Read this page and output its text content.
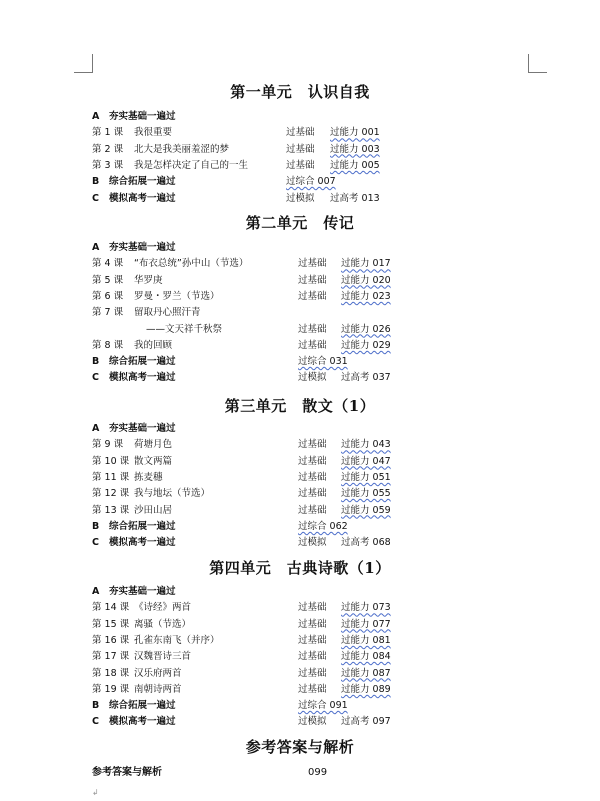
第一单元　认识自我
A 夯实基础一遍过
第 1 课 我很重要	过基础 过能力 001
第 2 课 北大是我美丽羞涩的梦	过基础 过能力 003
第 3 课 我是怎样决定了自己的一生	过基础 过能力 005
B 综合拓展一遍过	过综合 007
C 模拟高考一遍过	过模拟 过高考 013
第二单元　传记
A 夯实基础一遍过
第 4 课 “布衣总统”孙中山（节选）	过基础 过能力 017
第 5 课 华罗庚	过基础 过能力 020
第 6 课 罗曼・罗兰（节选）	过基础 过能力 023
第 7 课 留取丹心照汗青
——文天祥千秋祭	过基础 过能力 026
第 8 课 我的回顾	过基础 过能力 029
B 综合拓展一遍过	过综合 031
C 模拟高考一遍过	过模拟 过高考 037
第三单元　散文（1）
A 夯实基础一遍过
第 9 课 荷塘月色	过基础 过能力 043
第 10 课 散文两篇	过基础 过能力 047
第 11 课 拣麦穗	过基础 过能力 051
第 12 课 我与地坛（节选）	过基础 过能力 055
第 13 课 沙田山居	过基础 过能力 059
B 综合拓展一遍过	过综合 062
C 模拟高考一遍过	过模拟 过高考 068
第四单元　古典诗歌（1）
A 夯实基础一遍过
第 14 课 《诗经》两首	过基础 过能力 073
第 15 课 离骚（节选）	过基础 过能力 077
第 16 课 孔雀东南飞（并序）	过基础 过能力 081
第 17 课 汉魏晋诗三首	过基础 过能力 084
第 18 课 汉乐府两首	过基础 过能力 087
第 19 课 南朝诗两首	过基础 过能力 089
B 综合拓展一遍过	过综合 091
C 模拟高考一遍过	过模拟 过高考 097
参考答案与解析
参考答案与解析	099
↲
